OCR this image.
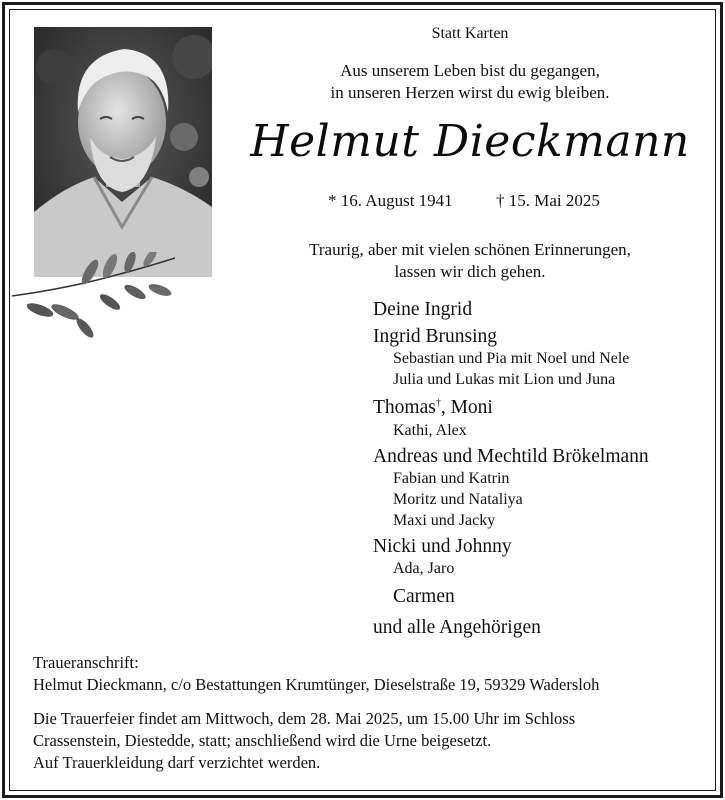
Statt Karten
Aus unserem Leben bist du gegangen,
in unseren Herzen wirst du ewig bleiben.
Helmut Dieckmann
* 16. August 1941	† 15. Mai 2025
Traurig, aber mit vielen schönen Erinnerungen,
lassen wir dich gehen.
Deine Ingrid
Ingrid Brunsing
Sebastian und Pia mit Noel und Nele
Julia und Lukas mit Lion und Juna
Thomas†, Moni
Kathi, Alex
Andreas und Mechtild Brökelmann
Fabian und Katrin
Moritz und Nataliya
Maxi und Jacky
Nicki und Johnny
Ada, Jaro
Carmen
und alle Angehörigen
Traueranschrift:
Helmut Dieckmann, c/o Bestattungen Krumtünger, Dieselstraße 19, 59329 Wadersloh
Die Trauerfeier findet am Mittwoch, dem 28. Mai 2025, um 15.00 Uhr im Schloss
Crassenstein, Diestedde, statt; anschließend wird die Urne beigesetzt.
Auf Trauerkleidung darf verzichtet werden.
